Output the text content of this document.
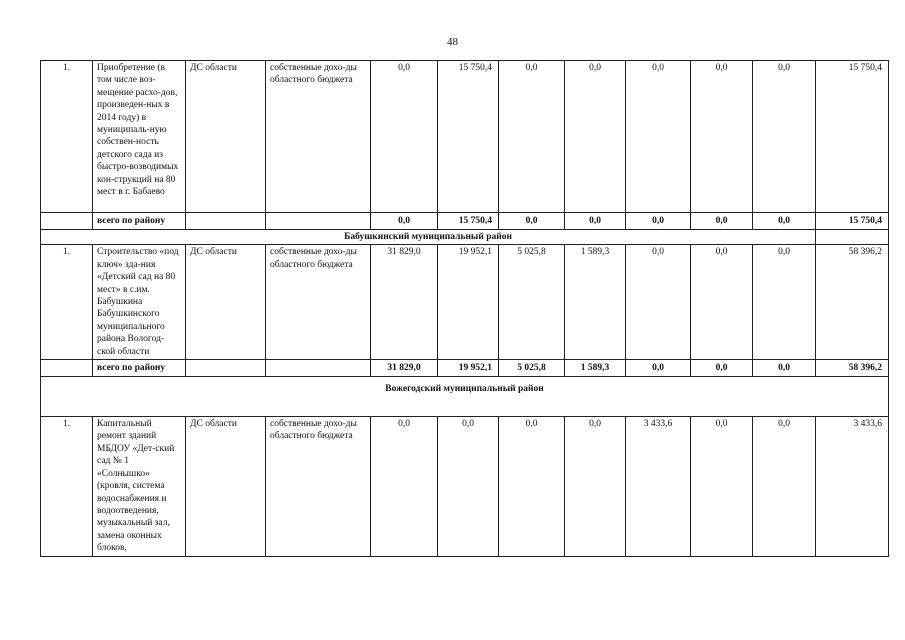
48
1.	Приобретение (в том числе воз-мещение расхо-дов, произведен-ных в 2014 году) в муниципаль-ную собствен-ность детского сада из быстро-возводимых кон-струкций на 80 мест в г. Бабаево	ДС области	собственные дохо-ды областного бюджета	0,0	15 750,4	0,0	0,0	0,0	0,0	0,0	15 750,4
	всего по району			0,0	15 750,4	0,0	0,0	0,0	0,0	0,0	15 750,4
Бабушкинский муниципальный район											
1.	Строительство «под ключ» зда-ния «Детский сад на 80 мест» в с.им. Бабушкина Бабушкинского муниципального района Вологод-ской области	ДС области	собственные дохо-ды областного бюджета	31 829,0	19 952,1	5 025,8	1 589,3	0,0	0,0	0,0	58 396,2
	всего по району			31 829,0	19 952,1	5 025,8	1 589,3	0,0	0,0	0,0	58 396,2
Вожегодский муниципальный район											
1.	Капитальный ремонт зданий МБДОУ «Дет-ский сад № 1 «Солнышко» (кровля, система водоснабжения и водоотведения, музыкальный зал, замена оконных блоков,	ДС области	собственные дохо-ды областного бюджета	0,0	0,0	0,0	0,0	3 433,6	0,0	0,0	3 433,6
